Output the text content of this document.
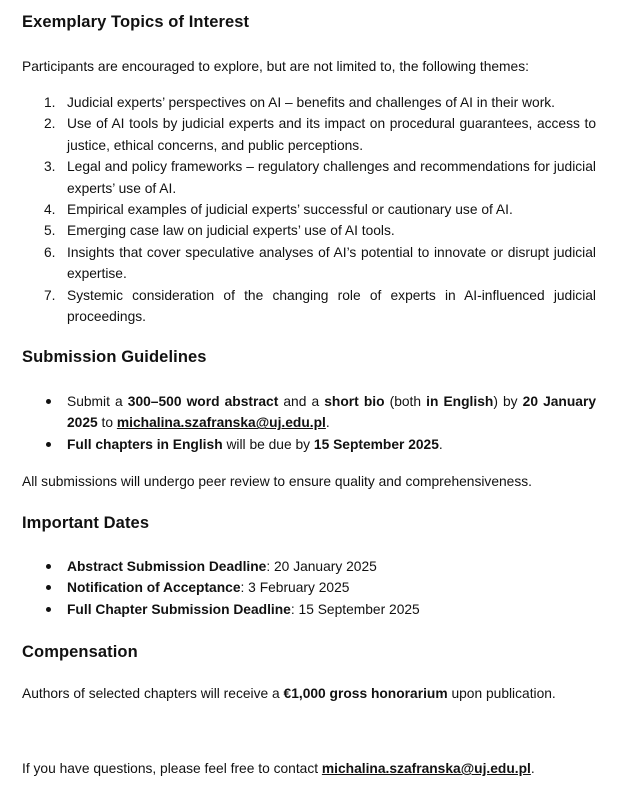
Exemplary Topics of Interest

Participants are encouraged to explore, but are not limited to, the following themes:

1. Judicial experts’ perspectives on AI – benefits and challenges of AI in their work.
2. Use of AI tools by judicial experts and its impact on procedural guarantees, access to justice, ethical concerns, and public perceptions.
3. Legal and policy frameworks – regulatory challenges and recommendations for judicial experts’ use of AI.
4. Empirical examples of judicial experts’ successful or cautionary use of AI.
5. Emerging case law on judicial experts’ use of AI tools.
6. Insights that cover speculative analyses of AI’s potential to innovate or disrupt judicial expertise.
7. Systemic consideration of the changing role of experts in AI-influenced judicial proceedings.
Submission Guidelines
Submit a 300–500 word abstract and a short bio (both in English) by 20 January 2025 to michalina.szafranska@uj.edu.pl.
Full chapters in English will be due by 15 September 2025.

All submissions will undergo peer review to ensure quality and comprehensiveness.

Important Dates
Abstract Submission Deadline: 20 January 2025
Notification of Acceptance: 3 February 2025
Full Chapter Submission Deadline: 15 September 2025
Compensation

Authors of selected chapters will receive a €1,000 gross honorarium upon publication.

If you have questions, please feel free to contact michalina.szafranska@uj.edu.pl.
